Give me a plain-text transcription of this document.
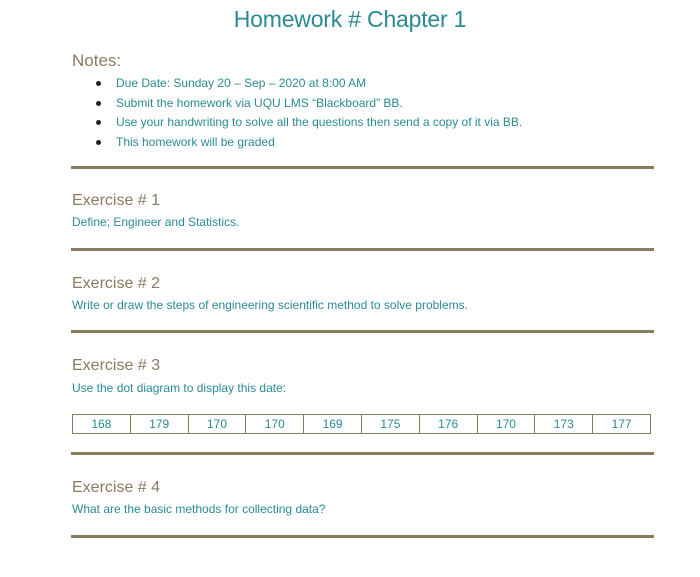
Homework # Chapter 1
Notes:
Due Date: Sunday 20 – Sep – 2020 at 8:00 AM
Submit the homework via UQU LMS “Blackboard” BB.
Use your handwriting to solve all the questions then send a copy of it via BB.
This homework will be graded
Exercise # 1
Define; Engineer and Statistics.
Exercise # 2
Write or draw the steps of engineering scientific method to solve problems.
Exercise # 3
Use the dot diagram to display this date:
168	179	170	170	169	175	176	170	173	177
Exercise # 4
What are the basic methods for collecting data?
